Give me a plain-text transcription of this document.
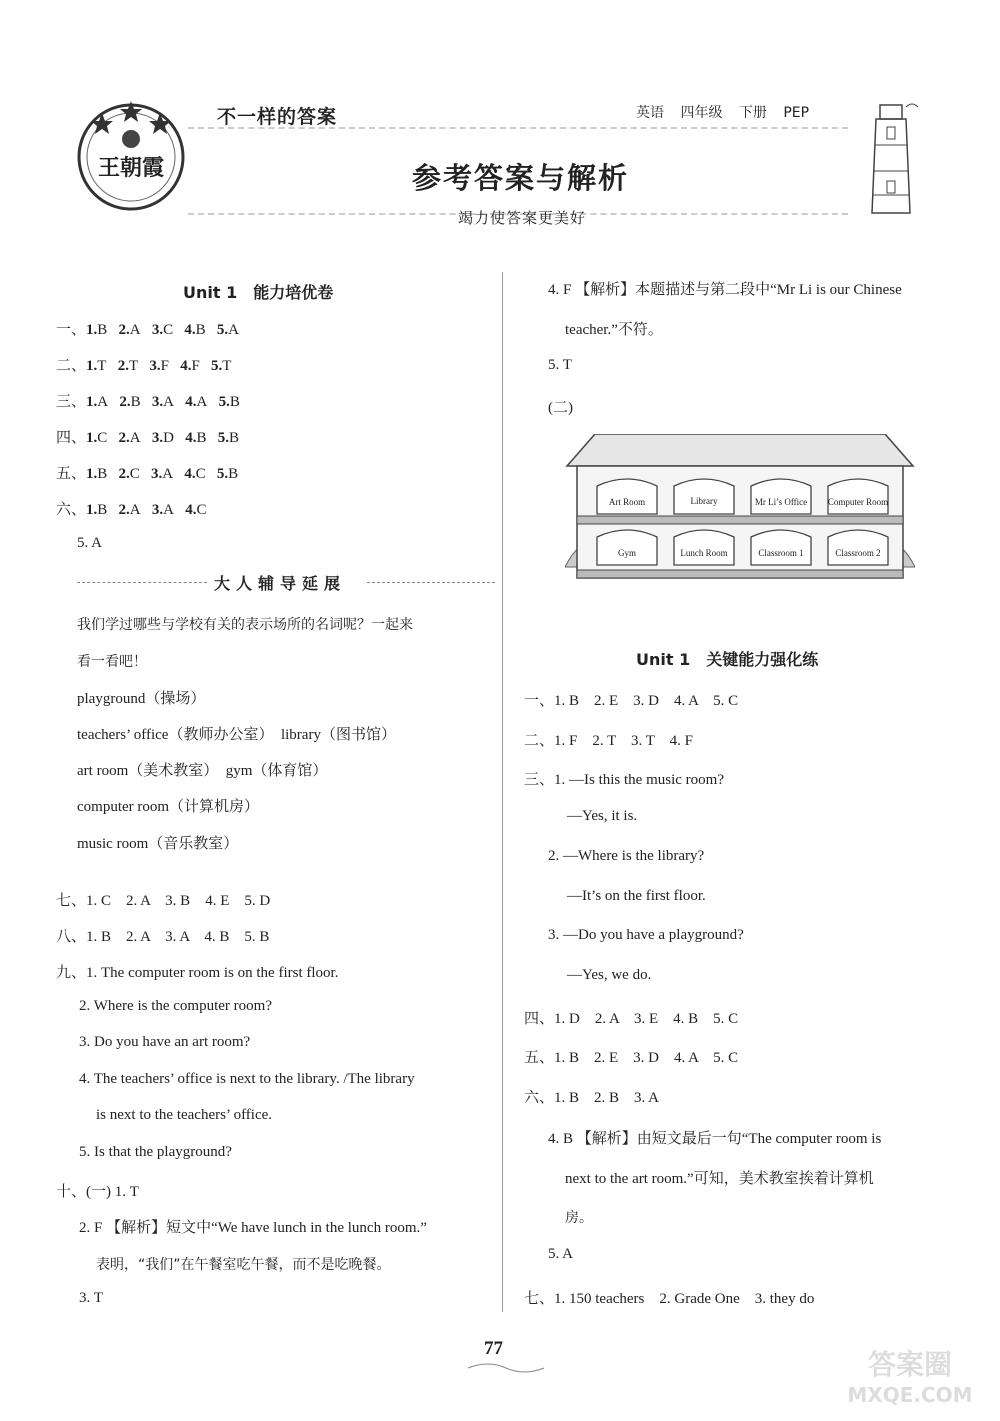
王朝霞
不一样的答案	英语 四年级 下册 PEP
参考答案与解析
竭力使答案更美好
Unit 1　能力培优卷
一、1.B 2.A 3.C 4.B 5.A
二、1.T 2.T 3.F 4.F 5.T
三、1.A 2.B 3.A 4.A 5.B
四、1.C 2.A 3.D 4.B 5.B
五、1.B 2.C 3.A 4.C 5.B
六、1.B 2.A 3.A 4.C
5. A
大人辅导延展
我们学过哪些与学校有关的表示场所的名词呢？一起来
看一看吧！
playground（操场）
teachers’ office（教师办公室）　library（图书馆）
art room（美术教室）　gym（体育馆）
computer room（计算机房）
music room（音乐教室）
七、1. C　2. A　3. B　4. E　5. D
八、1. B　2. A　3. A　4. B　5. B
九、1. The computer room is on the first floor.
2. Where is the computer room?
3. Do you have an art room?
4. The teachers’ office is next to the library. /The library
is next to the teachers’ office.
5. Is that the playground?
十、(一) 1. T
2. F 【解析】短文中“We have lunch in the lunch room.”
表明，“我们”在午餐室吃午餐，而不是吃晚餐。
3. T
4. F 【解析】本题描述与第二段中“Mr Li is our Chinese
teacher.”不符。
5. T
(二)
Art Room	Library	Mr Li’s Office Computer Room
Gym	Lunch Room	Classroom 1	Classroom 2
Unit 1　关键能力强化练
一、1. B　2. E　3. D　4. A　5. C
二、1. F　2. T　3. T　4. F
三、1. —Is this the music room?
—Yes, it is.
2. —Where is the library?
—It’s on the first floor.
3. —Do you have a playground?
—Yes, we do.
四、1. D　2. A　3. E　4. B　5. C
五、1. B　2. E　3. D　4. A　5. C
六、1. B　2. B　3. A
4. B 【解析】由短文最后一句“The computer room is
next to the art room.”可知，美术教室挨着计算机
房。
5. A
七、1. 150 teachers　2. Grade One　3. they do
77	答案圈
MXQE.COM
